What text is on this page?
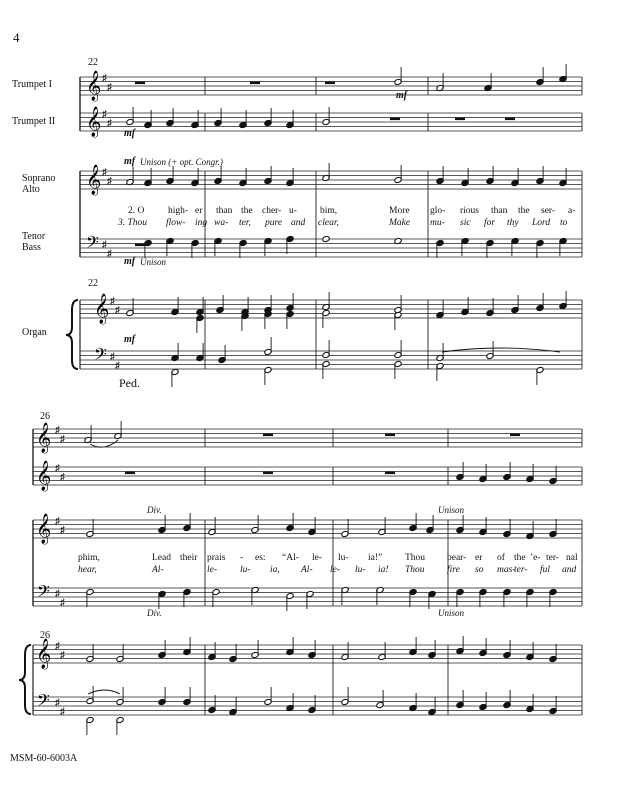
4
Trumpet I
Trumpet II
Soprano
Alto
Tenor
Bass
Organ
22
22
26
26
mf
mf
mf Unison (+ opt. Congr.)
mf Unison
mf
Ped.
Div.	Unison
Div.	Unison
2. O high- er than the cher- u- bim,	More glo- rious than the ser- a-
3. Thou flow- ing wa- ter, pure and clear,	Make mu- sic for thy Lord to
phim,	Lead their prais - es: “Al- le- lu- ia!” Thou bear- er of the ’e- ter- nal
hear,	Al-	le- lu- ia, Al- le- lu- ia! Thou fire so mas-
ter- ful and
MSM-60-6003A
𝄞 ♯
♯
𝄞 ♯
♯
𝄞 ♯
♯
𝄢 ♯
♯
𝄞 ♯
♯
𝄢 ♯
♯
𝄞 ♯
♯
𝄞 ♯
♯
𝄞 ♯
♯
𝄢 ♯
♯
𝄞 ♯
♯
𝄢 ♯
♯
